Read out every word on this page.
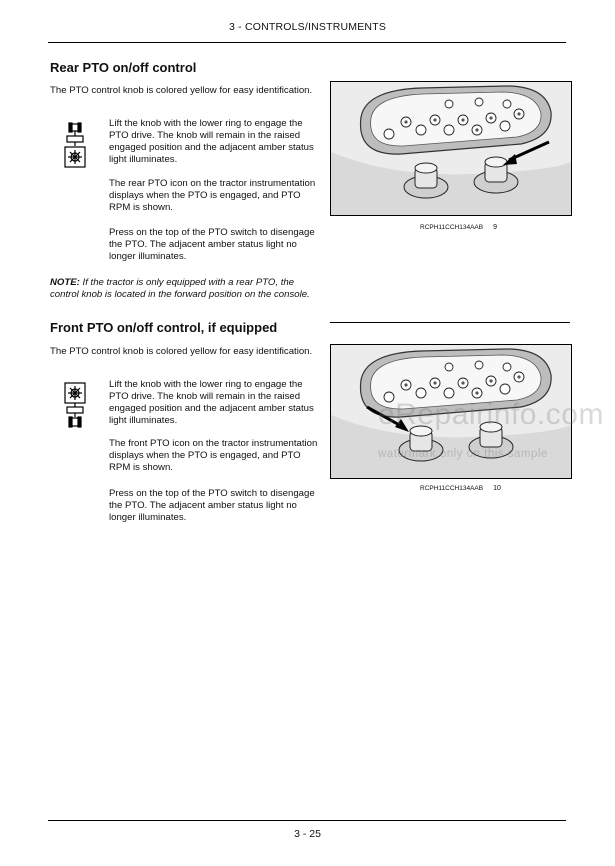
3 - CONTROLS/INSTRUMENTS
Rear PTO on/off control

The PTO control knob is colored yellow for easy identification.

Lift the knob with the lower ring to engage the PTO drive. The knob will remain in the raised engaged position and the adjacent amber status light illuminates.

The rear PTO icon on the tractor instrumentation displays when the PTO is engaged, and PTO RPM is shown.

Press on the top of the PTO switch to disengage the PTO. The adjacent amber status light no longer illuminates.

NOTE: If the tractor is only equipped with a rear PTO, the control knob is located in the forward position on the console.

RCPH11CCH134AAB 9
Front PTO on/off control, if equipped

The PTO control knob is colored yellow for easy identification.

Lift the knob with the lower ring to engage the PTO drive. The knob will remain in the raised engaged position and the adjacent amber status light illuminates.

The front PTO icon on the tractor instrumentation displays when the PTO is engaged, and PTO RPM is shown.

Press on the top of the PTO switch to disengage the PTO. The adjacent amber status light no longer illuminates.

RCPH11CCH134AAB 10
eRepairinfo.com
watermark only on this sample
3 - 25
